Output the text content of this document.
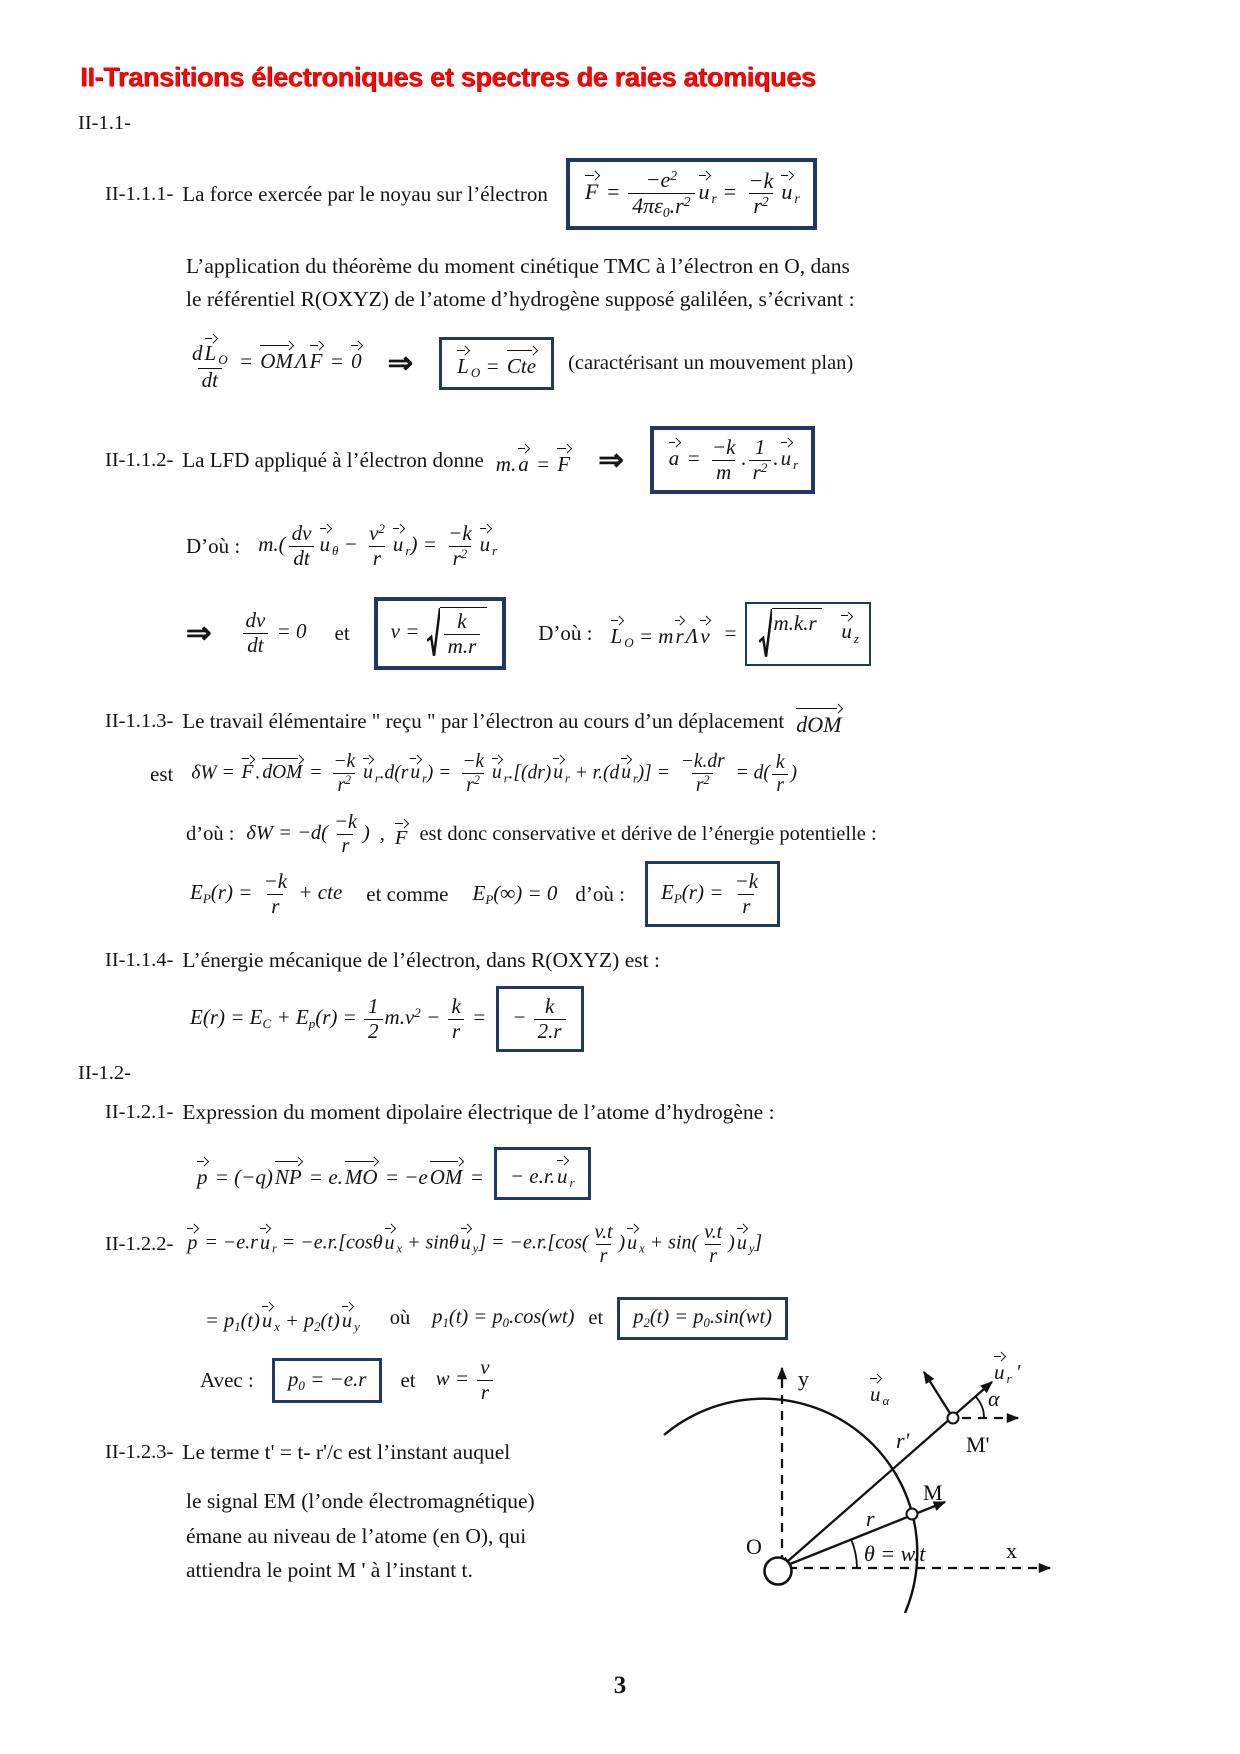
II-Transitions électroniques et spectres de raies atomiques
II-1.1-
II-1.1.1- La force exercée par le noyau sur l’électron $F = \frac{-e^2}{4\pi\varepsilon_0.r^2}$ u $_r = \frac{-k}{r^2}$ u $_r$
L’application du théorème du moment cinétique TMC à l’électron en O, dans
le référentiel R(OXYZ) de l’atome d’hydrogène supposé galiléen, s’écrivant :
$\frac{dL _O}{dt} = OM\Lambda F = 0$ ⇒ L $_O$ = Cte (caractérisant un mouvement plan)
II-1.1.2- La LFD appliqué à l’électron donne m.a = F ⇒ $a = \frac{-k}{m}$ . $\frac{1}{r^2} .u$ $_r$
D’où : $m.( \frac{dv}{dt}$ u $_\theta - \frac{v^2}{r}$ u $_r) = \frac{-k}{r^2}$ u $_r$
⇒ $\frac{dv}{dt} = 0$ et $v = \frac{k}{m.r}$	D’où : L $_O$ = mrΛv = m.k.r
  u $_z$
II-1.1.3- Le travail élémentaire " reçu " par l’électron au cours d’un déplacement dOM
est δW = F . dOM = $\frac{-k}{r^2}$ u $_r$.d(r u $_r) = \frac{-k}{r^2}$ u $_r$.[(dr) u $_r$ + r.(d u $_r)] = \frac{-k.dr}{r^2} = d( \frac{k}{r}$ )
d’où : $\delta W = -d( \frac{-k}{r}$ ) , F est donc conservative et dérive de l’énergie potentielle :
$E_P(r) = \frac{-k}{r}$ + cte et comme $E_P(\infty) = 0$ d’où : $E_P(r) = \frac{-k}{r}$
II-1.1.4- L’énergie mécanique de l’électron, dans R(OXYZ) est :
$E(r) = E_C + E_p(r) = \frac{1}{2} m.v^2 - \frac{k}{r}$ = − $\frac{k}{2.r}$
II-1.2-
II-1.2.1- Expression du moment dipolaire électrique de l’atome d’hydrogène :
p = (−q)NP = e.MO = −eOM = − e.r.u $_r$
II-1.2.2- p = −e.r u $_r$ = −e.r.[cosθ u $_x$ + sinθ u $_y] = -e.r.[\cos( \frac{v.t}{r}$ ) u $_x + \sin( \frac{v.t}{r}$ ) u $_y$]
= $p_1(t)u$ $_x + p_2(t)u$ $_y$ où $p_1(t) = p_0.\cos(wt)$ et $p_2(t) = p_0.\sin(wt)$
Avec : $p_0 = -e.r$ et $w = \frac{v}{r}$
II-1.2.3- Le terme t' = t- r'/c est l’instant auquel
le signal EM (l’onde électromagnétique)
émane au niveau de l’atome (en O), qui
attiendra le point M ' à l’instant t.
y
x
O
M
M'
r
r'
θ = w.t
α
u $_\alpha$
u $_r$ '
3
